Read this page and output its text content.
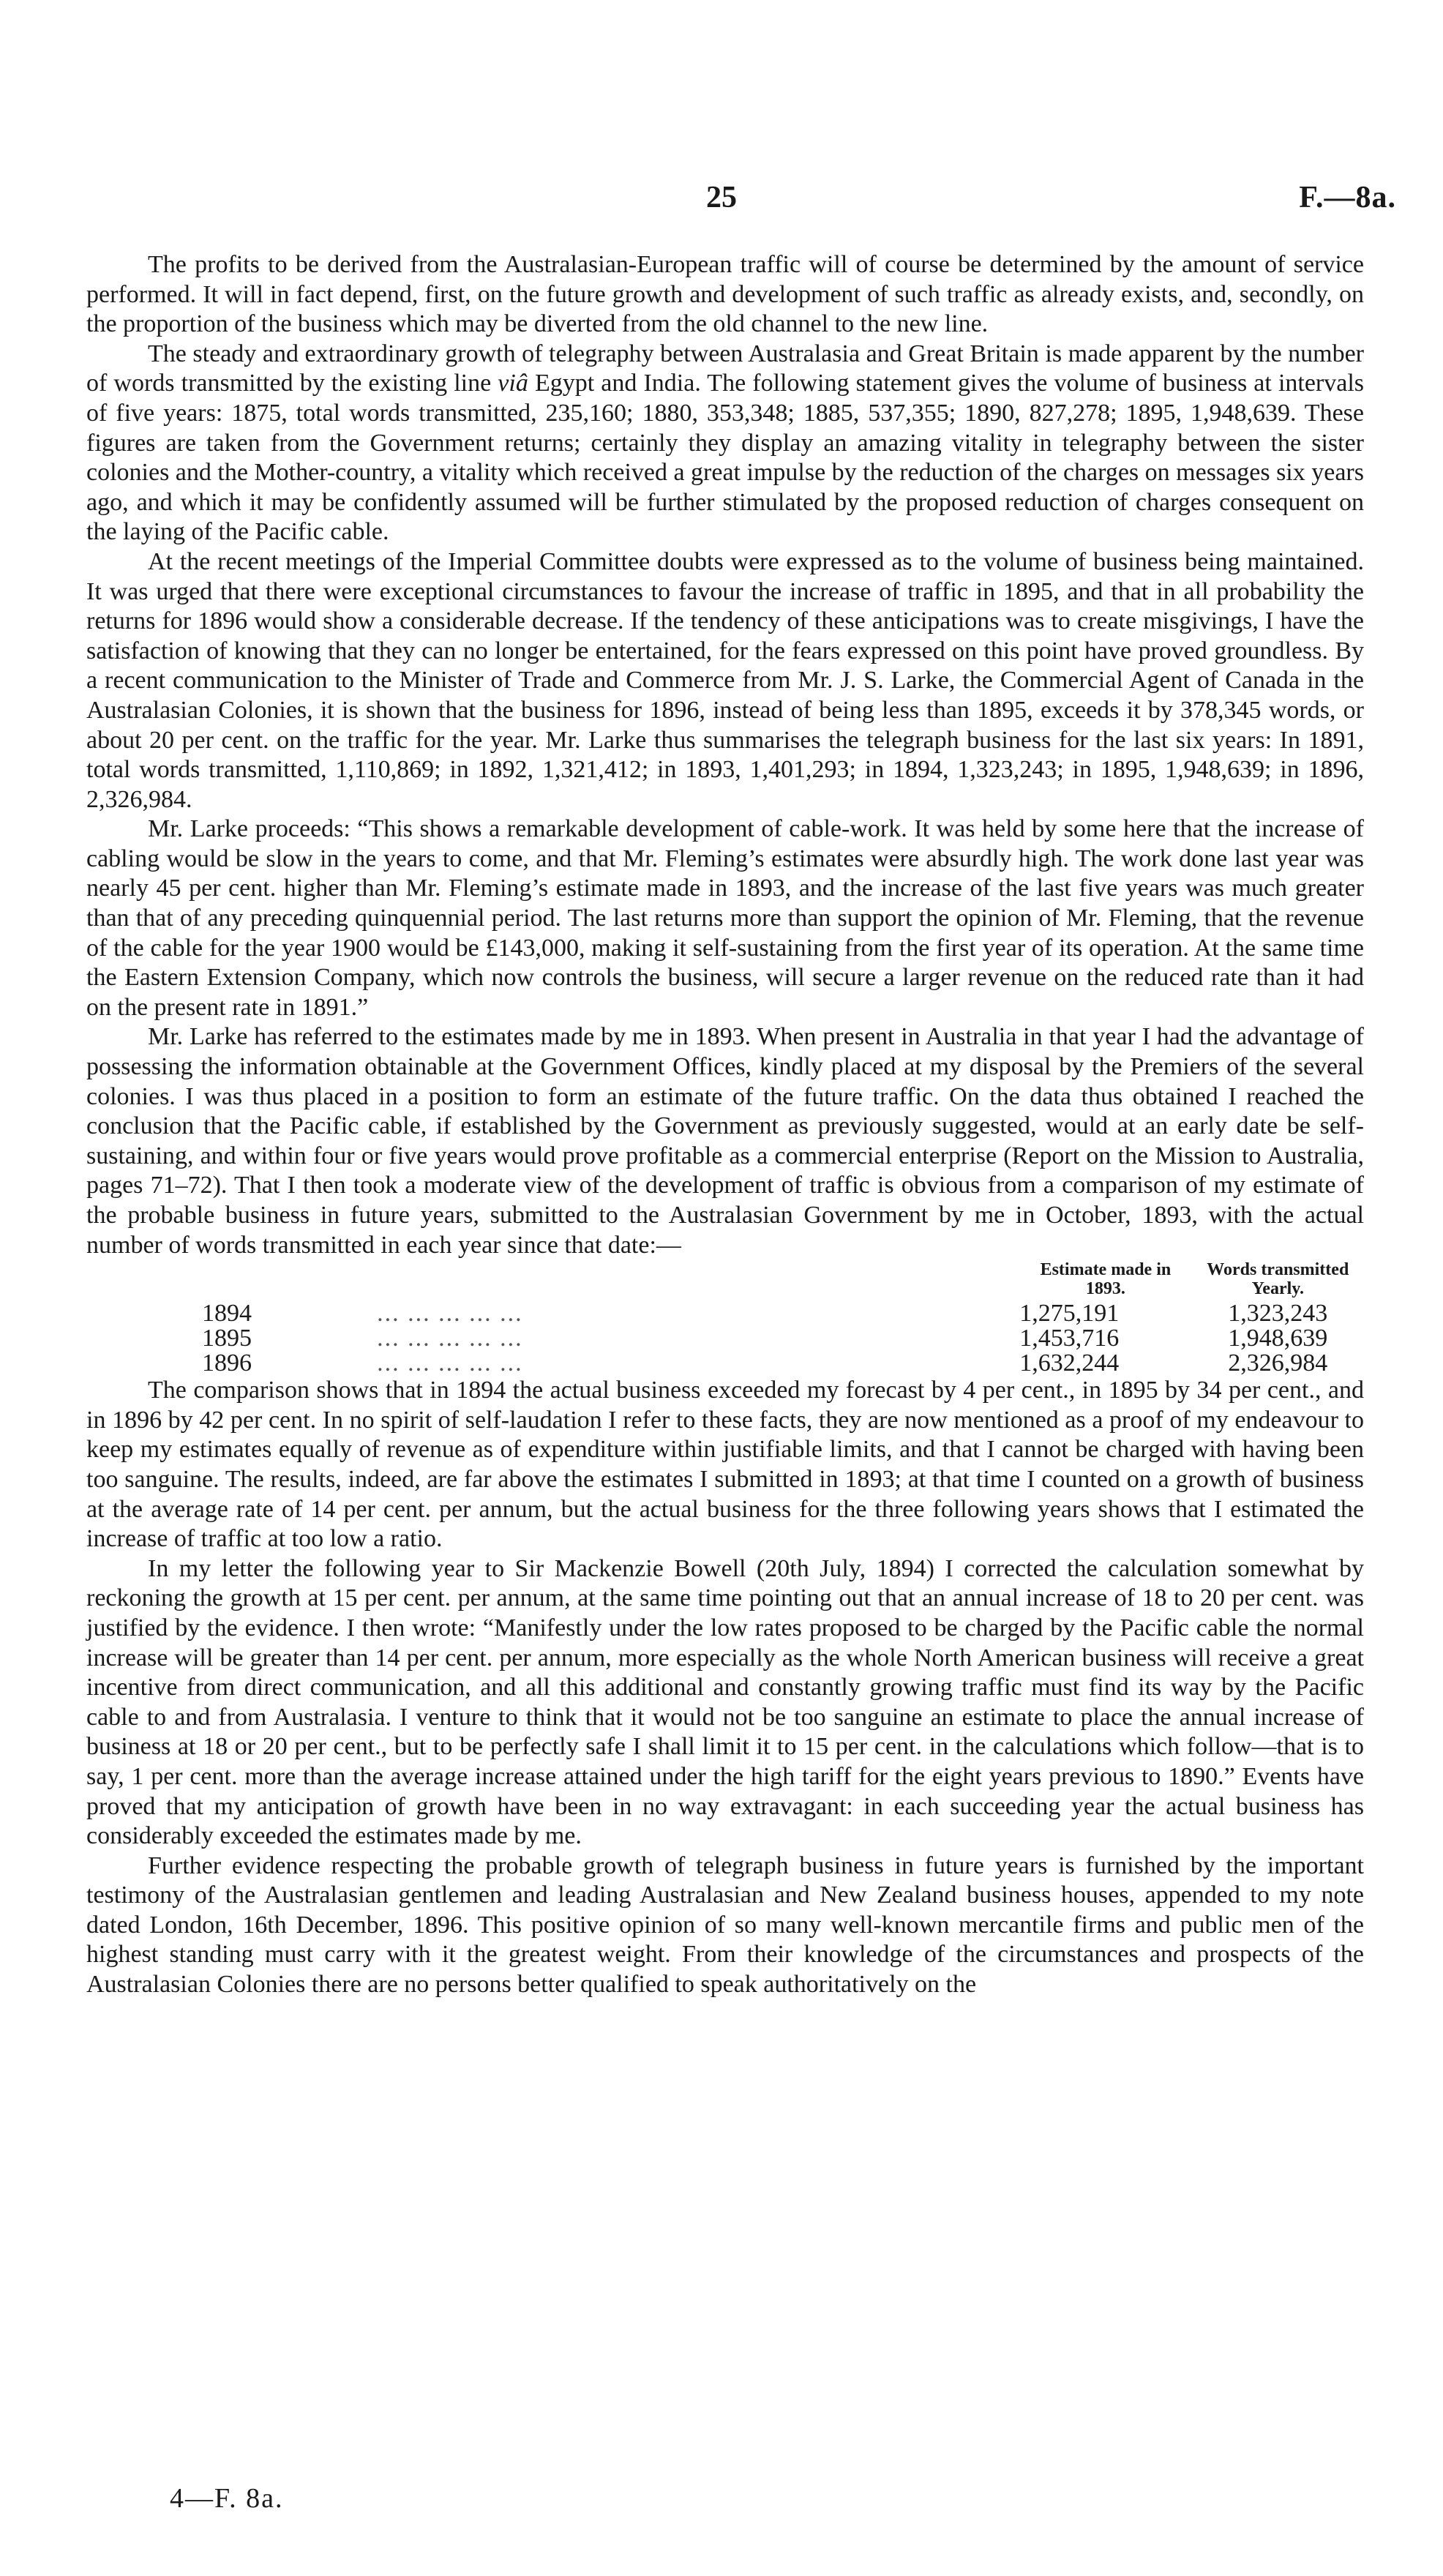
25	F.—8a.

The profits to be derived from the Australasian-European traffic will of course be determined by the amount of service performed. It will in fact depend, first, on the future growth and development of such traffic as already exists, and, secondly, on the proportion of the business which may be diverted from the old channel to the new line.

The steady and extraordinary growth of telegraphy between Australasia and Great Britain is made apparent by the number of words transmitted by the existing line viâ Egypt and India. The following statement gives the volume of business at intervals of five years: 1875, total words transmitted, 235,160; 1880, 353,348; 1885, 537,355; 1890, 827,278; 1895, 1,948,639. These figures are taken from the Government returns; certainly they display an amazing vitality in telegraphy between the sister colonies and the Mother-country, a vitality which received a great impulse by the reduction of the charges on messages six years ago, and which it may be confidently assumed will be further stimulated by the proposed reduction of charges consequent on the laying of the Pacific cable.

At the recent meetings of the Imperial Committee doubts were expressed as to the volume of business being maintained. It was urged that there were exceptional circumstances to favour the increase of traffic in 1895, and that in all probability the returns for 1896 would show a considerable decrease. If the tendency of these anticipations was to create misgivings, I have the satisfaction of knowing that they can no longer be entertained, for the fears expressed on this point have proved groundless. By a recent communication to the Minister of Trade and Commerce from Mr. J. S. Larke, the Commercial Agent of Canada in the Australasian Colonies, it is shown that the business for 1896, instead of being less than 1895, exceeds it by 378,345 words, or about 20 per cent. on the traffic for the year. Mr. Larke thus summarises the telegraph business for the last six years: In 1891, total words transmitted, 1,110,869; in 1892, 1,321,412; in 1893, 1,401,293; in 1894, 1,323,243; in 1895, 1,948,639; in 1896, 2,326,984.

Mr. Larke proceeds: “This shows a remarkable development of cable-work. It was held by some here that the increase of cabling would be slow in the years to come, and that Mr. Fleming’s estimates were absurdly high. The work done last year was nearly 45 per cent. higher than Mr. Fleming’s estimate made in 1893, and the increase of the last five years was much greater than that of any preceding quinquennial period. The last returns more than support the opinion of Mr. Fleming, that the revenue of the cable for the year 1900 would be £143,000, making it self-sustaining from the first year of its operation. At the same time the Eastern Extension Company, which now controls the business, will secure a larger revenue on the reduced rate than it had on the present rate in 1891.”

Mr. Larke has referred to the estimates made by me in 1893. When present in Australia in that year I had the advantage of possessing the information obtainable at the Government Offices, kindly placed at my disposal by the Premiers of the several colonies. I was thus placed in a position to form an estimate of the future traffic. On the data thus obtained I reached the conclusion that the Pacific cable, if established by the Government as previously suggested, would at an early date be self-sustaining, and within four or five years would prove profitable as a commercial enterprise (Report on the Mission to Australia, pages 71–72). That I then took a moderate view of the development of traffic is obvious from a comparison of my estimate of the probable business in future years, submitted to the Australasian Government by me in October, 1893, with the actual number of words transmitted in each year since that date:—

		Estimate made in 1893.	Words transmitted Yearly.
1894	... ... ... ... ...	1,275,191	1,323,243
1895	... ... ... ... ...	1,453,716	1,948,639
1896	... ... ... ... ...	1,632,244	2,326,984

The comparison shows that in 1894 the actual business exceeded my forecast by 4 per cent., in 1895 by 34 per cent., and in 1896 by 42 per cent. In no spirit of self-laudation I refer to these facts, they are now mentioned as a proof of my endeavour to keep my estimates equally of revenue as of expenditure within justifiable limits, and that I cannot be charged with having been too sanguine. The results, indeed, are far above the estimates I submitted in 1893; at that time I counted on a growth of business at the average rate of 14 per cent. per annum, but the actual business for the three following years shows that I estimated the increase of traffic at too low a ratio.

In my letter the following year to Sir Mackenzie Bowell (20th July, 1894) I corrected the calculation somewhat by reckoning the growth at 15 per cent. per annum, at the same time pointing out that an annual increase of 18 to 20 per cent. was justified by the evidence. I then wrote: “Manifestly under the low rates proposed to be charged by the Pacific cable the normal increase will be greater than 14 per cent. per annum, more especially as the whole North American business will receive a great incentive from direct communication, and all this additional and constantly growing traffic must find its way by the Pacific cable to and from Australasia. I venture to think that it would not be too sanguine an estimate to place the annual increase of business at 18 or 20 per cent., but to be perfectly safe I shall limit it to 15 per cent. in the calculations which follow—that is to say, 1 per cent. more than the average increase attained under the high tariff for the eight years previous to 1890.” Events have proved that my anticipation of growth have been in no way extravagant: in each succeeding year the actual business has considerably exceeded the estimates made by me.

Further evidence respecting the probable growth of telegraph business in future years is furnished by the important testimony of the Australasian gentlemen and leading Australasian and New Zealand business houses, appended to my note dated London, 16th December, 1896. This positive opinion of so many well-known mercantile firms and public men of the highest standing must carry with it the greatest weight. From their knowledge of the circumstances and prospects of the Australasian Colonies there are no persons better qualified to speak authoritatively on the

4—F. 8a.
